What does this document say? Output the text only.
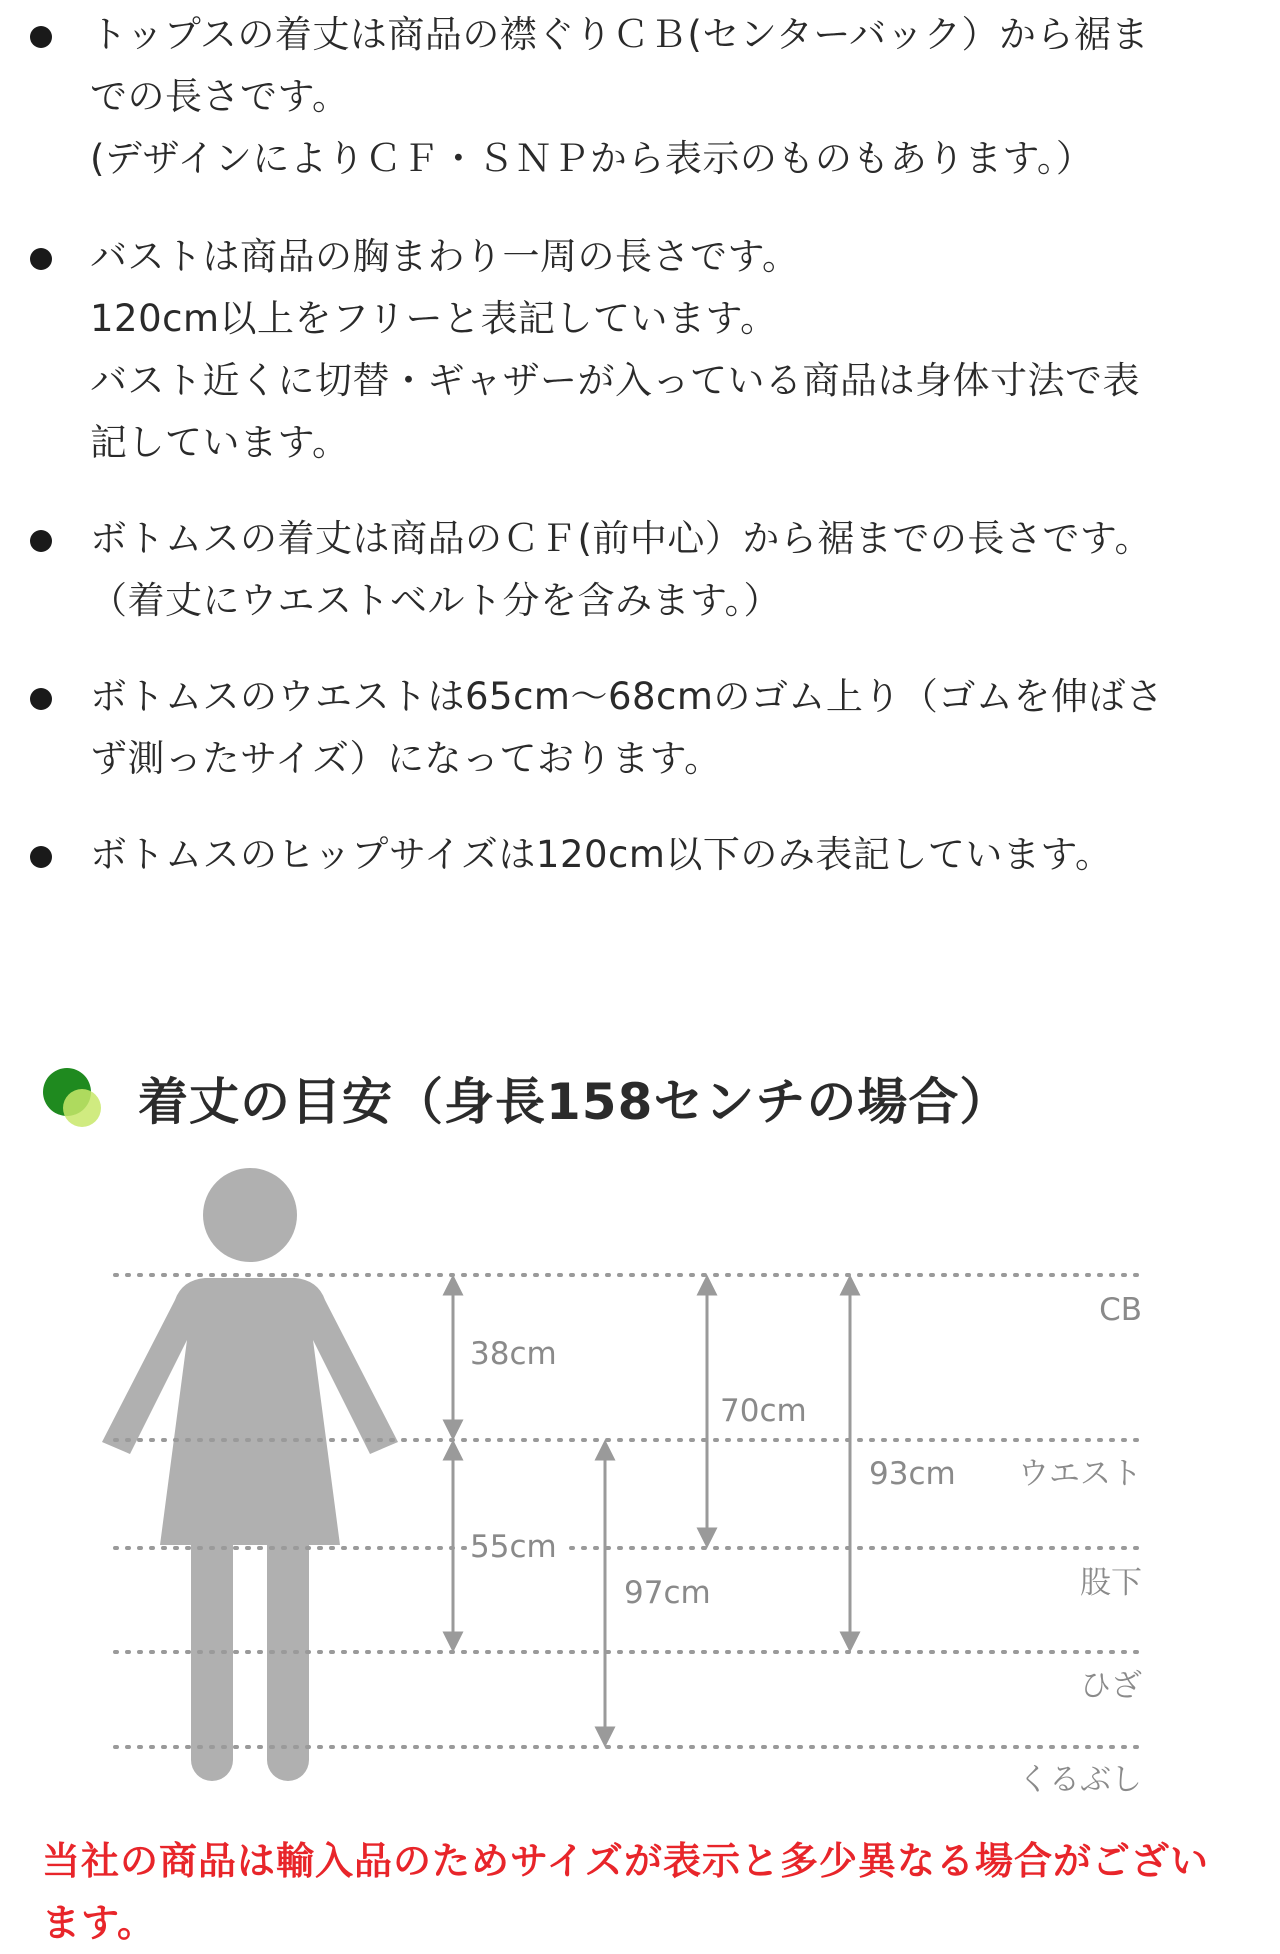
トップスの着丈は商品の襟ぐりＣＢ(センターバック）から裾ま
での長さです。
(デザインによりＣＦ・ＳＮＰから表示のものもあります。）
バストは商品の胸まわり一周の長さです。
120cm以上をフリーと表記しています。
バスト近くに切替・ギャザーが入っている商品は身体寸法で表
記しています。
ボトムスの着丈は商品のＣＦ(前中心）から裾までの長さです。
（着丈にウエストベルト分を含みます。）
ボトムスのウエストは65cm〜68cmのゴム上り（ゴムを伸ばさ
ず測ったサイズ）になっております。
ボトムスのヒップサイズは120cm以下のみ表記しています。
着丈の目安（身長158センチの場合）
38cm
55cm
70cm
97cm
93cm
CB
ウエスト
股下
ひざ
くるぶし
当社の商品は輸入品のためサイズが表示と多少異なる場合がござい
ます。
